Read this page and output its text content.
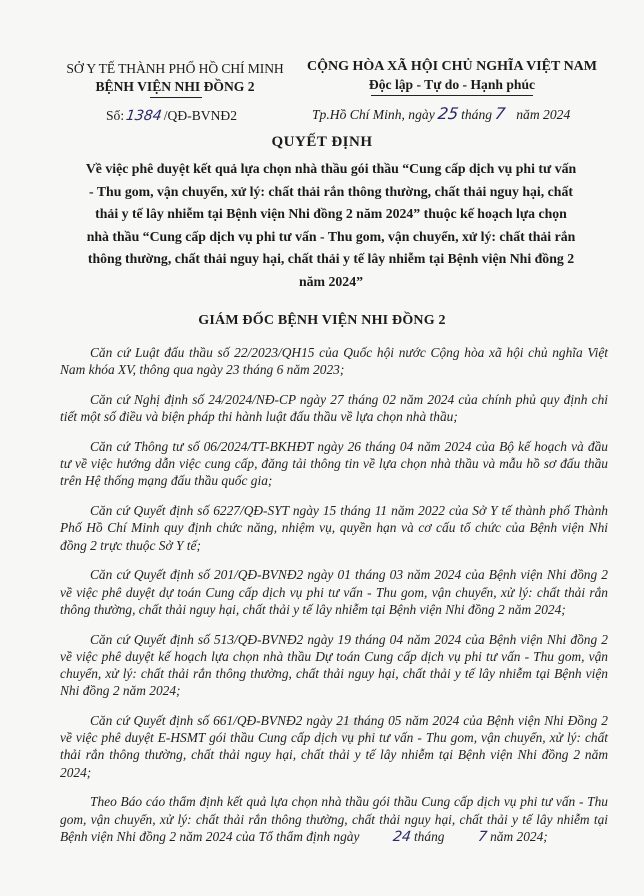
SỞ Y TẾ THÀNH PHỐ HỒ CHÍ MINH
BỆNH VIỆN NHI ĐỒNG 2
CỘNG HÒA XÃ HỘI CHỦ NGHĨA VIỆT NAM
Độc lập - Tự do - Hạnh phúc
Số: 1384 /QĐ-BVNĐ2	Tp.Hồ Chí Minh, ngày 25 tháng 7 năm 2024
QUYẾT ĐỊNH
Về việc phê duyệt kết quả lựa chọn nhà thầu gói thầu “Cung cấp dịch vụ phi tư vấn
- Thu gom, vận chuyển, xử lý: chất thải rắn thông thường, chất thải nguy hại, chất
thải y tế lây nhiễm tại Bệnh viện Nhi đồng 2 năm 2024” thuộc kế hoạch lựa chọn
nhà thầu “Cung cấp dịch vụ phi tư vấn - Thu gom, vận chuyển, xử lý: chất thải rắn
thông thường, chất thải nguy hại, chất thải y tế lây nhiễm tại Bệnh viện Nhi đồng 2
năm 2024”
GIÁM ĐỐC BỆNH VIỆN NHI ĐỒNG 2

Căn cứ Luật đấu thầu số 22/2023/QH15 của Quốc hội nước Cộng hòa xã hội chủ nghĩa Việt Nam khóa XV, thông qua ngày 23 tháng 6 năm 2023;

Căn cứ Nghị định số 24/2024/NĐ-CP ngày 27 tháng 02 năm 2024 của chính phủ quy định chi tiết một số điều và biện pháp thi hành luật đấu thầu về lựa chọn nhà thầu;

Căn cứ Thông tư số 06/2024/TT-BKHĐT ngày 26 tháng 04 năm 2024 của Bộ kế hoạch và đầu tư về việc hướng dẫn việc cung cấp, đăng tải thông tin về lựa chọn nhà thầu và mẫu hồ sơ đấu thầu trên Hệ thống mạng đấu thầu quốc gia;

Căn cứ Quyết định số 6227/QĐ-SYT ngày 15 tháng 11 năm 2022 của Sở Y tế thành phố Thành Phố Hồ Chí Minh quy định chức năng, nhiệm vụ, quyền hạn và cơ cấu tổ chức của Bệnh viện Nhi đồng 2 trực thuộc Sở Y tế;

Căn cứ Quyết định số 201/QĐ-BVNĐ2 ngày 01 tháng 03 năm 2024 của Bệnh viện Nhi đồng 2 về việc phê duyệt dự toán Cung cấp dịch vụ phi tư vấn - Thu gom, vận chuyển, xử lý: chất thải rắn thông thường, chất thải nguy hại, chất thải y tế lây nhiễm tại Bệnh viện Nhi đồng 2 năm 2024;

Căn cứ Quyết định số 513/QĐ-BVNĐ2 ngày 19 tháng 04 năm 2024 của Bệnh viện Nhi đồng 2 về việc phê duyệt kế hoạch lựa chọn nhà thầu Dự toán Cung cấp dịch vụ phi tư vấn - Thu gom, vận chuyển, xử lý: chất thải rắn thông thường, chất thải nguy hại, chất thải y tế lây nhiễm tại Bệnh viện Nhi đồng 2 năm 2024;

Căn cứ Quyết định số 661/QĐ-BVNĐ2 ngày 21 tháng 05 năm 2024 của Bệnh viện Nhi Đồng 2 về việc phê duyệt E-HSMT gói thầu Cung cấp dịch vụ phi tư vấn - Thu gom, vận chuyển, xử lý: chất thải rắn thông thường, chất thải nguy hại, chất thải y tế lây nhiễm tại Bệnh viện Nhi đồng 2 năm 2024;

Theo Báo cáo thẩm định kết quả lựa chọn nhà thầu gói thầu Cung cấp dịch vụ phi tư vấn - Thu gom, vận chuyển, xử lý: chất thải rắn thông thường, chất thải nguy hại, chất thải y tế lây nhiễm tại Bệnh viện Nhi đồng 2 năm 2024 của Tổ thẩm định ngày 24 tháng 7 năm 2024;
